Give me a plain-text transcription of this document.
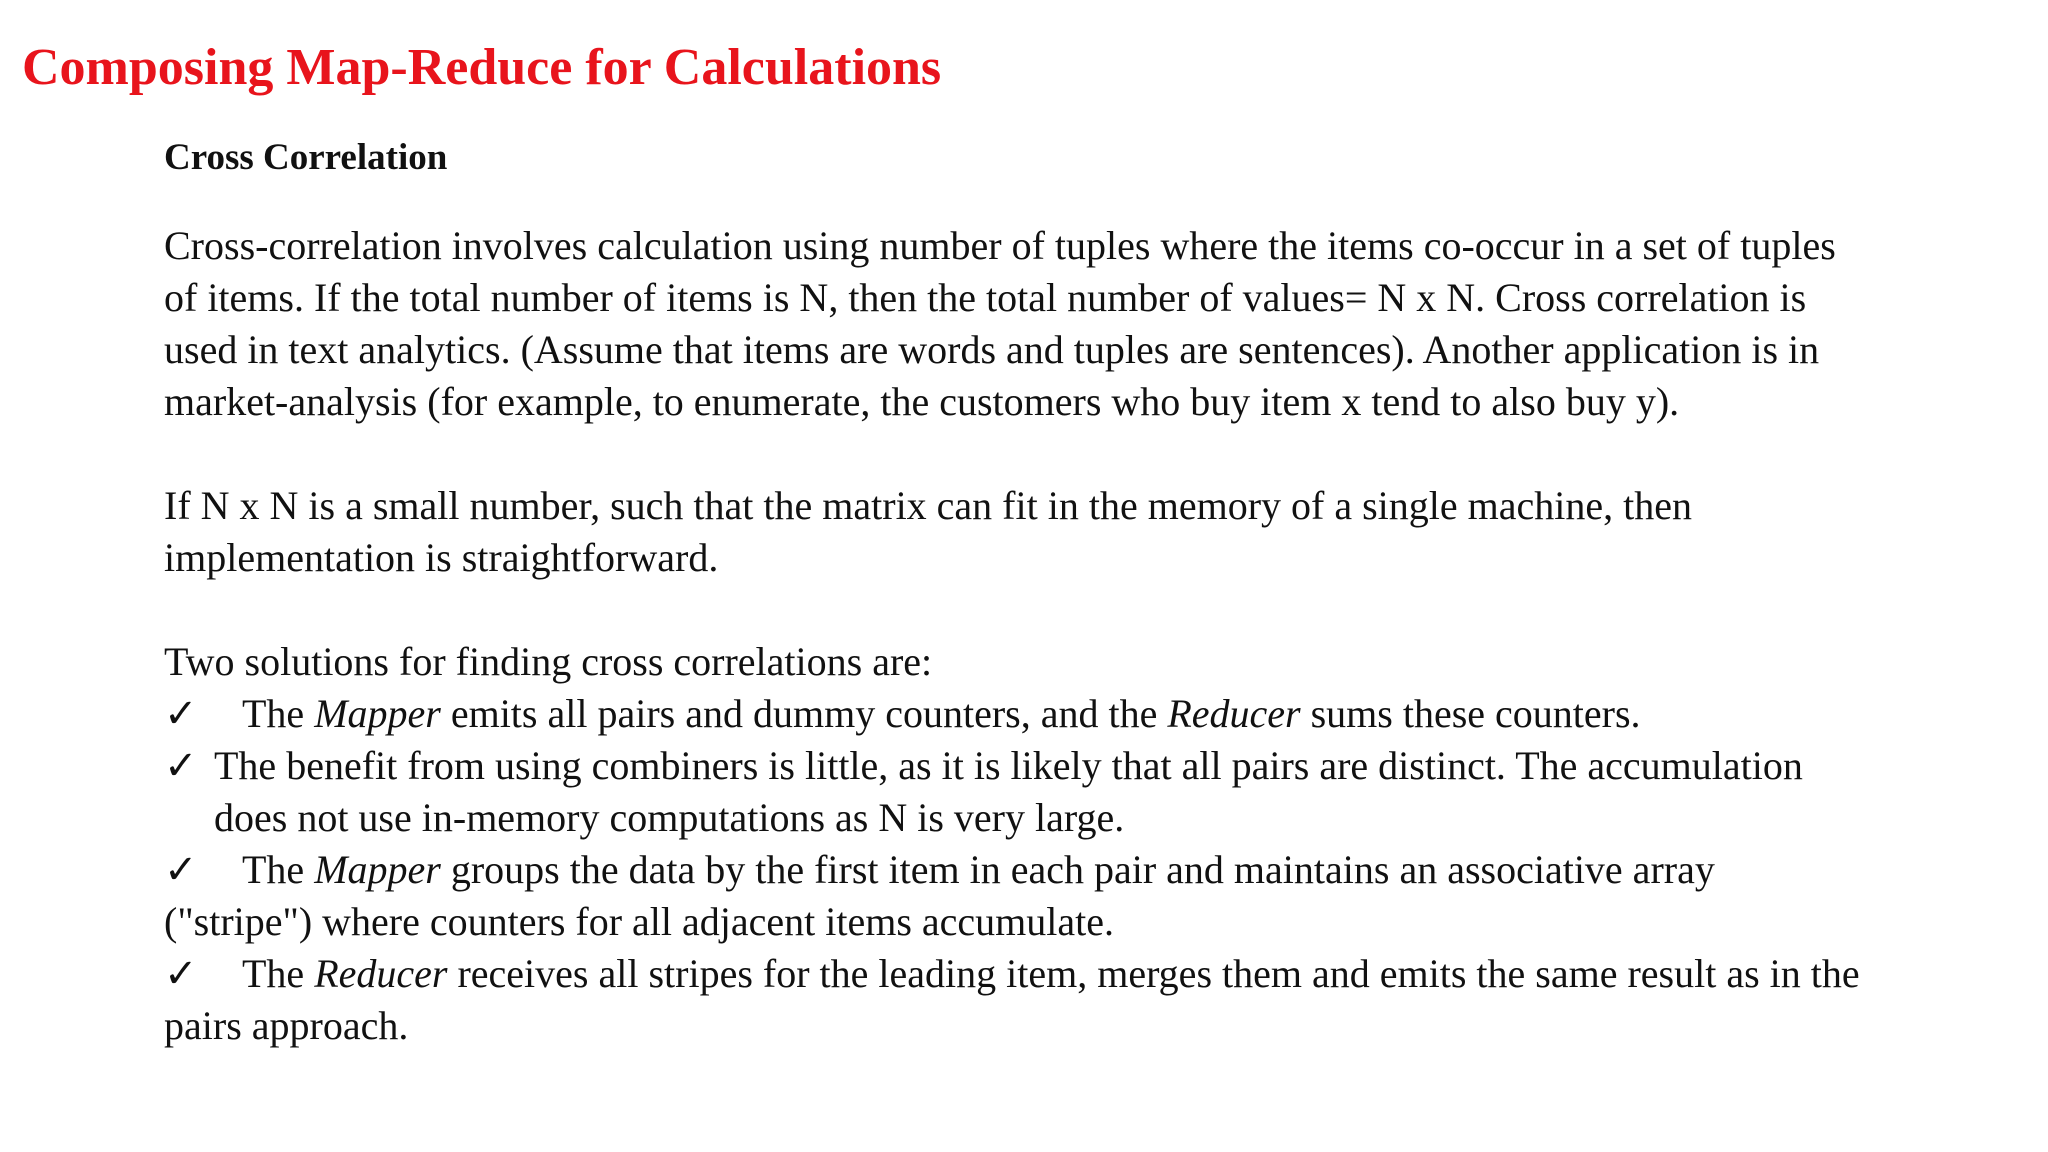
Composing Map-Reduce for Calculations
Cross Correlation

Cross-correlation involves calculation using number of tuples where the items co-occur in a set of tuples
of items. If the total number of items is N, then the total number of values= N x N. Cross correlation is
used in text analytics. (Assume that items are words and tuples are sentences). Another application is in
market-analysis (for example, to enumerate, the customers who buy item x tend to also buy y).

If N x N is a small number, such that the matrix can fit in the memory of a single machine, then
implementation is straightforward.

Two solutions for finding cross correlations are:
✓ The Mapper emits all pairs and dummy counters, and the Reducer sums these counters.
✓ The benefit from using combiners is little, as it is likely that all pairs are distinct. The accumulation
does not use in-memory computations as N is very large.
✓ The Mapper groups the data by the first item in each pair and maintains an associative array
("stripe") where counters for all adjacent items accumulate.
✓ The Reducer receives all stripes for the leading item, merges them and emits the same result as in the
pairs approach.
